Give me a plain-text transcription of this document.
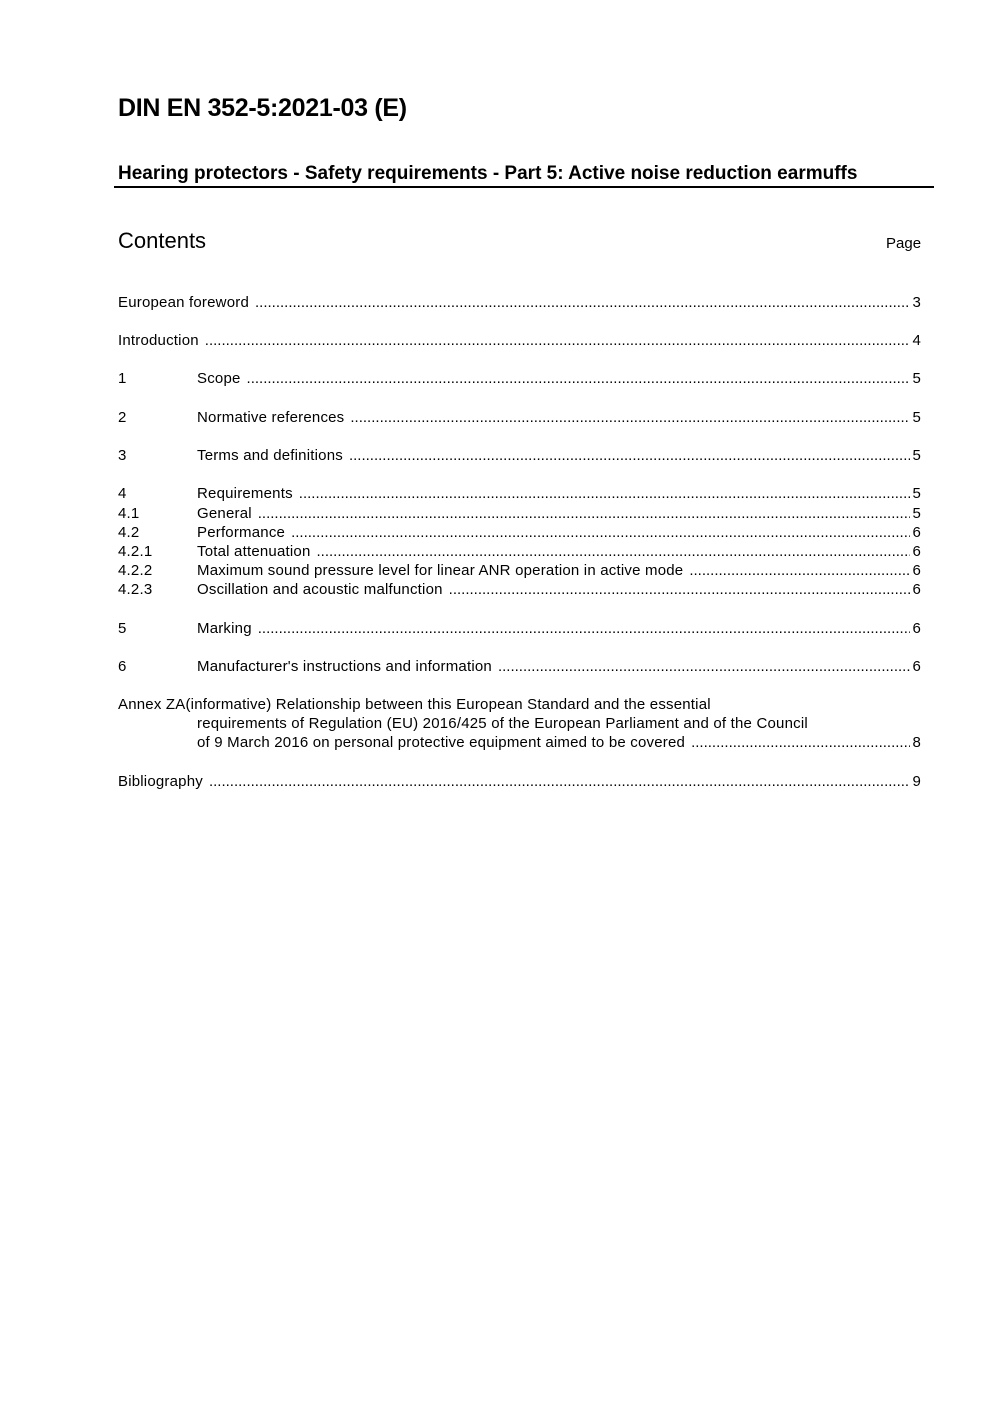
DIN EN 352-5:2021-03 (E)
Hearing protectors - Safety requirements - Part 5: Active noise reduction earmuffs
Contents	Page
European foreword .....	3
Introduction .....	4
1	Scope .....	5
2	Normative references .....	5
3	Terms and definitions .....	5
4	Requirements .....	5
4.1	General .....	5
4.2	Performance .....	6
4.2.1	Total attenuation .....	6
4.2.2	Maximum sound pressure level for linear ANR operation in active mode .....	6
4.2.3	Oscillation and acoustic malfunction .....	6
5	Marking .....	6
6	Manufacturer's instructions and information .....	6
Annex ZA(informative) Relationship between this European Standard and the essential
requirements of Regulation (EU) 2016/425 of the European Parliament and of the Council
of 9 March 2016 on personal protective equipment aimed to be covered .....	8
Bibliography .....	9
